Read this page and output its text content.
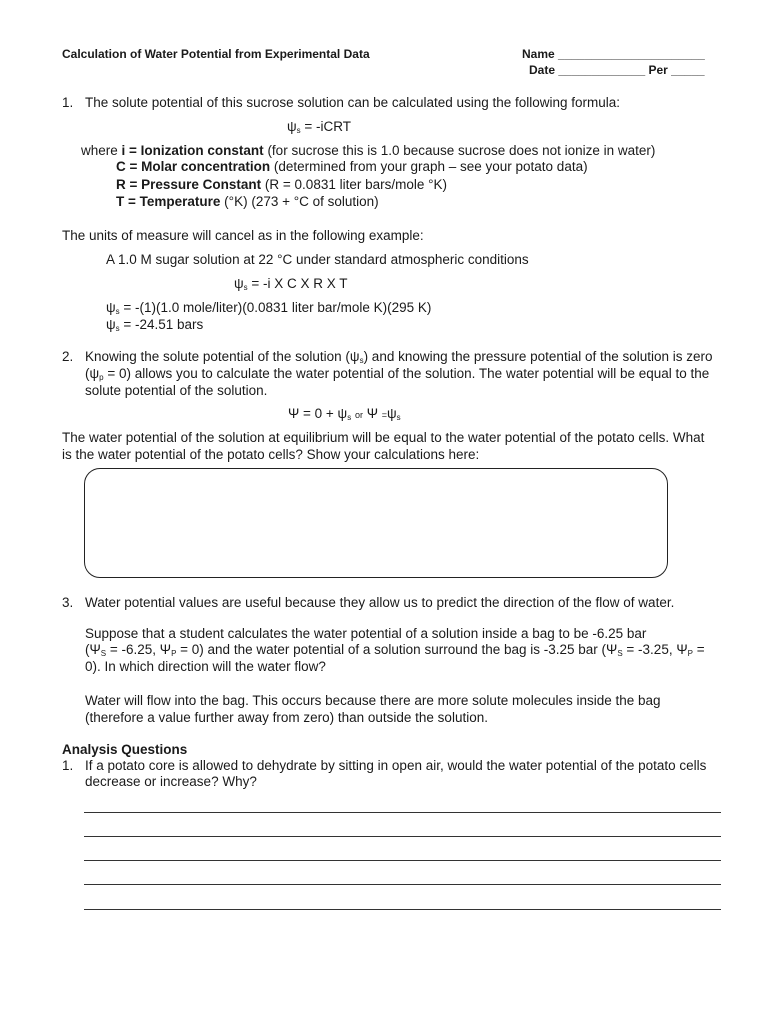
Calculation of Water Potential from Experimental Data	Name ______________________
Date _____________ Per _____
1. The solute potential of this sucrose solution can be calculated using the following formula:
ψs = -iCRT
where i = Ionization constant (for sucrose this is 1.0 because sucrose does not ionize in water)
C = Molar concentration (determined from your graph – see your potato data)
R = Pressure Constant (R = 0.0831 liter bars/mole °K)
T = Temperature (°K) (273 + °C of solution)
The units of measure will cancel as in the following example:
A 1.0 M sugar solution at 22 °C under standard atmospheric conditions
ψs = -i X C X R X T
ψs = -(1)(1.0 mole/liter)(0.0831 liter bar/mole K)(295 K)
ψs = -24.51 bars
2. Knowing the solute potential of the solution (ψs) and knowing the pressure potential of the solution is zero
(ψp = 0) allows you to calculate the water potential of the solution. The water potential will be equal to the
solute potential of the solution.
Ψ = 0 + ψs or Ψ =ψs
The water potential of the solution at equilibrium will be equal to the water potential of the potato cells. What
is the water potential of the potato cells? Show your calculations here:
3. Water potential values are useful because they allow us to predict the direction of the flow of water.
Suppose that a student calculates the water potential of a solution inside a bag to be -6.25 bar
(ΨS = -6.25, ΨP = 0) and the water potential of a solution surround the bag is -3.25 bar (ΨS = -3.25, ΨP =
0). In which direction will the water flow?
Water will flow into the bag. This occurs because there are more solute molecules inside the bag
(therefore a value further away from zero) than outside the solution.
Analysis Questions
1. If a potato core is allowed to dehydrate by sitting in open air, would the water potential of the potato cells
decrease or increase? Why?
